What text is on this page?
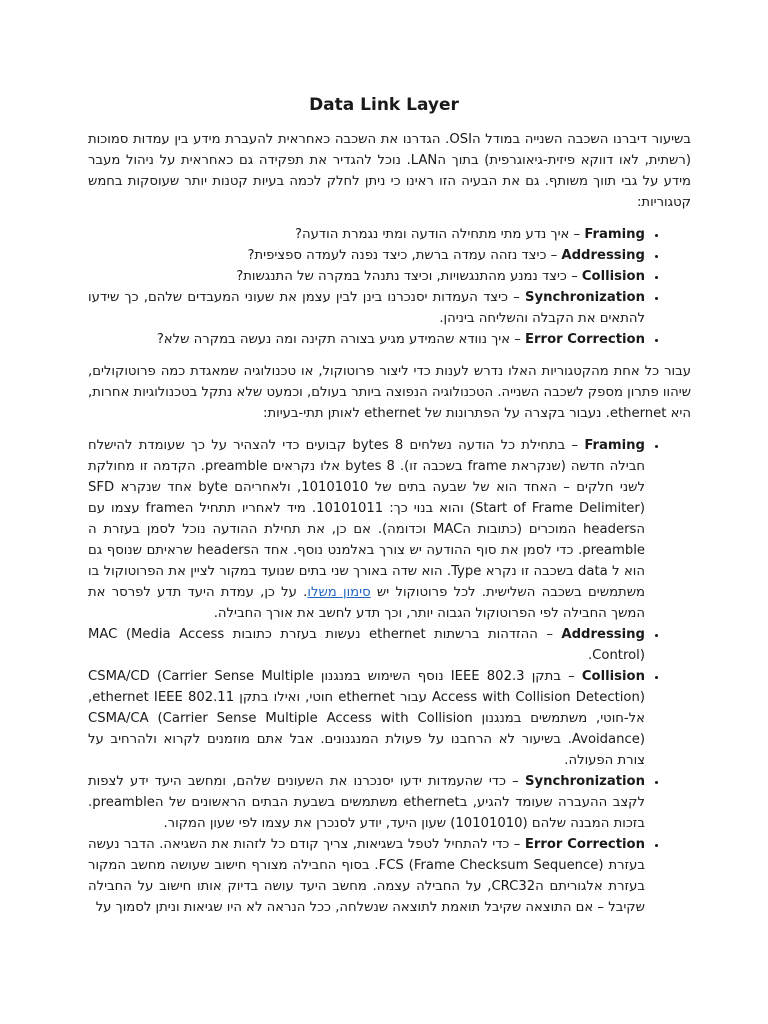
Data Link Layer

בשיעור דיברנו השכבה השנייה במודל הOSI. הגדרנו את השכבה כאחראית להעברת מידע בין עמדות סמוכות (רשתית, לאו דווקא פיזית-גיאוגרפית) בתוך הLAN. נוכל להגדיר את תפקידה גם כאחראית על ניהול מעבר מידע על גבי תווך משותף. גם את הבעיה הזו ראינו כי ניתן לחלק לכמה בעיות קטנות יותר שעוסקות בחמש קטגוריות:

• Framing – איך נדע מתי מתחילה הודעה ומתי נגמרת הודעה?
• Addressing – כיצד נזהה עמדה ברשת, כיצד נפנה לעמדה ספציפית?
• Collision – כיצד נמנע מהתנגשויות, וכיצד נתנהל במקרה של התנגשות?
• Synchronization – כיצד העמדות יסנכרנו בינן לבין עצמן את שעוני המעבדים שלהם, כך שידעו להתאים את הקבלה והשליחה ביניהן.
• Error Correction – איך נוודא שהמידע מגיע בצורה תקינה ומה נעשה במקרה שלא?

עבור כל אחת מהקטגוריות האלו נדרש לענות כדי ליצור פרוטוקול, או טכנולוגיה שמאגדת כמה פרוטוקולים, שיהוו פתרון מספק לשכבה השנייה. הטכנולוגיה הנפוצה ביותר בעולם, וכמעט שלא נתקל בטכנולוגיות אחרות, היא ethernet. נעבור בקצרה על הפתרונות של ethernet לאותן תתי-בעיות:

• Framing – בתחילת כל הודעה נשלחים 8 bytes קבועים כדי להצהיר על כך שעומדת להישלח חבילה חדשה (שנקראת frame בשכבה זו). 8 bytes אלו נקראים preamble. הקדמה זו מחולקת לשני חלקים – האחד הוא של שבעה בתים של 10101010, ולאחריהם byte אחד שנקרא SFD (Start of Frame Delimiter) והוא בנוי כך: 10101011. מיד לאחריו תתחיל הframe עצמו עם הheaders המוכרים (כתובות הMAC וכדומה). אם כן, את תחילת ההודעה נוכל לסמן בעזרת ה preamble. כדי לסמן את סוף ההודעה יש צורך באלמנט נוסף. אחד הheaders שראיתם שנוסף גם הוא ל data בשכבה זו נקרא Type. הוא שדה באורך שני בתים שנועד במקור לציין את הפרוטוקול בו משתמשים בשכבה השלישית. לכל פרוטוקול יש סימון משלו. על כן, עמדת היעד תדע לפרסר את המשך החבילה לפי הפרוטוקול הגבוה יותר, וכך תדע לחשב את אורך החבילה.
• Addressing – ההזדהות ברשתות ethernet נעשות בעזרת כתובות MAC (Media Access Control).
• Collision – בתקן IEEE 802.3 נוסף השימוש במנגנון CSMA/CD (Carrier Sense Multiple Access with Collision Detection) עבור ethernet חוטי, ואילו בתקן ethernet IEEE 802.11, אל-חוטי, משתמשים במנגנון CSMA/CA (Carrier Sense Multiple Access with Collision Avoidance). בשיעור לא הרחבנו על פעולת המנגנונים. אבל אתם מוזמנים לקרוא ולהרחיב על צורת הפעולה.
• Synchronization – כדי שהעמדות ידעו יסנכרנו את השעונים שלהם, ומחשב היעד ידע לצפות לקצב ההעברה שעומד להגיע, בethernet משתמשים בשבעת הבתים הראשונים של הpreamble. בזכות המבנה שלהם (10101010) שעון היעד, יודע לסנכרן את עצמו לפי שעון המקור.
• Error Correction – כדי להתחיל לטפל בשגיאות, צריך קודם כל לזהות את השגיאה. הדבר נעשה בעזרת FCS (Frame Checksum Sequence). בסוף החבילה מצורף חישוב שעושה מחשב המקור בעזרת אלגוריתם הCRC32, על החבילה עצמה. מחשב היעד עושה בדיוק אותו חישוב על החבילה שקיבל – אם התוצאה שקיבל תואמת לתוצאה שנשלחה, ככל הנראה לא היו שגיאות וניתן לסמוך על
